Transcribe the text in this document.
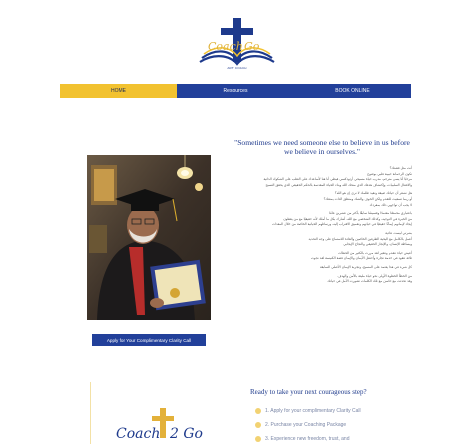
Coach Go
ART COACH
HOME	Resources	BOOK ONLINE
Apply for Your Complimentary Clarity Call
"Sometimes we need someone else to believe in us before we believe in ourselves."

أنت مثل قصتك؟

تكون الرحمانة حبيبة قلبي بوضوح

مرحبًا أنا يسى مترجم، مدرب حياة مسيحي أرثوذكسي قبطي أنا هنا لأساعدك على التعلب على الشكوك الذاتية

والاقتتال السلبيات، وإكتشاف هدفك الذي منحك الله وبناء الحياة المقدسة بالحكم الحقيقي الذي يحقق التسبح

هل تشعر أن حياتك ضيقة وتقيد ظلمك لا ترى إن هو الله؟

أو ربما تسعيت للتقدم ولكن الخوف والشك ومنطق الذات يمنعك؟

لا يجب أن تواجهي ذلك بمفردك

باعتباري محمضًا معتمدًا وقسيسًا سابقًا بأكثر من عشرين عامًا

من الخبرة في التوجيه، وكذلك الشخصي مع الله، أشارك بكل ما أملك لأنه حقيقيًا مع من يقطون

إيجاد لإيمانهم إيمانًا حقيقيًا في حياتهم وتعميق الاقتراب إليه، ورسائلهم الحياتية الخاصة من خلال المعدات

بشرتي ليست عادية

أعمل بالكامل مع اليحية الطرفين الخاصين والقادة للاستماع على وجه التحديد

وبساطة الإنسان، والإنجاز الحقيقي والنجاح الإيجابي

أعيش حياة تتقدم وتتغير لقد مررت بالكثير من الحظات

ثلاثة عقود في خدمة تجارة وأحتفل الأيمان والإيمان قصة الكنيسة لقد نجوت

كل شيء في هذا يعتمد على المسيح، وتجربة الإيمان الأصلي السابقة

من الخطأ الخطوة الأولى نحو حياة مليئة بالأمن والهدف.

وقد تحدثت مع حاسن مع تلك الكلمات تصورت الأمل في حياتك

Coach 2 Go
Ready to take your next courageous step?
1. Apply for your complimentary Clarity Call
2. Purchase your Coaching Package
3. Experience new freedom, trust, and
